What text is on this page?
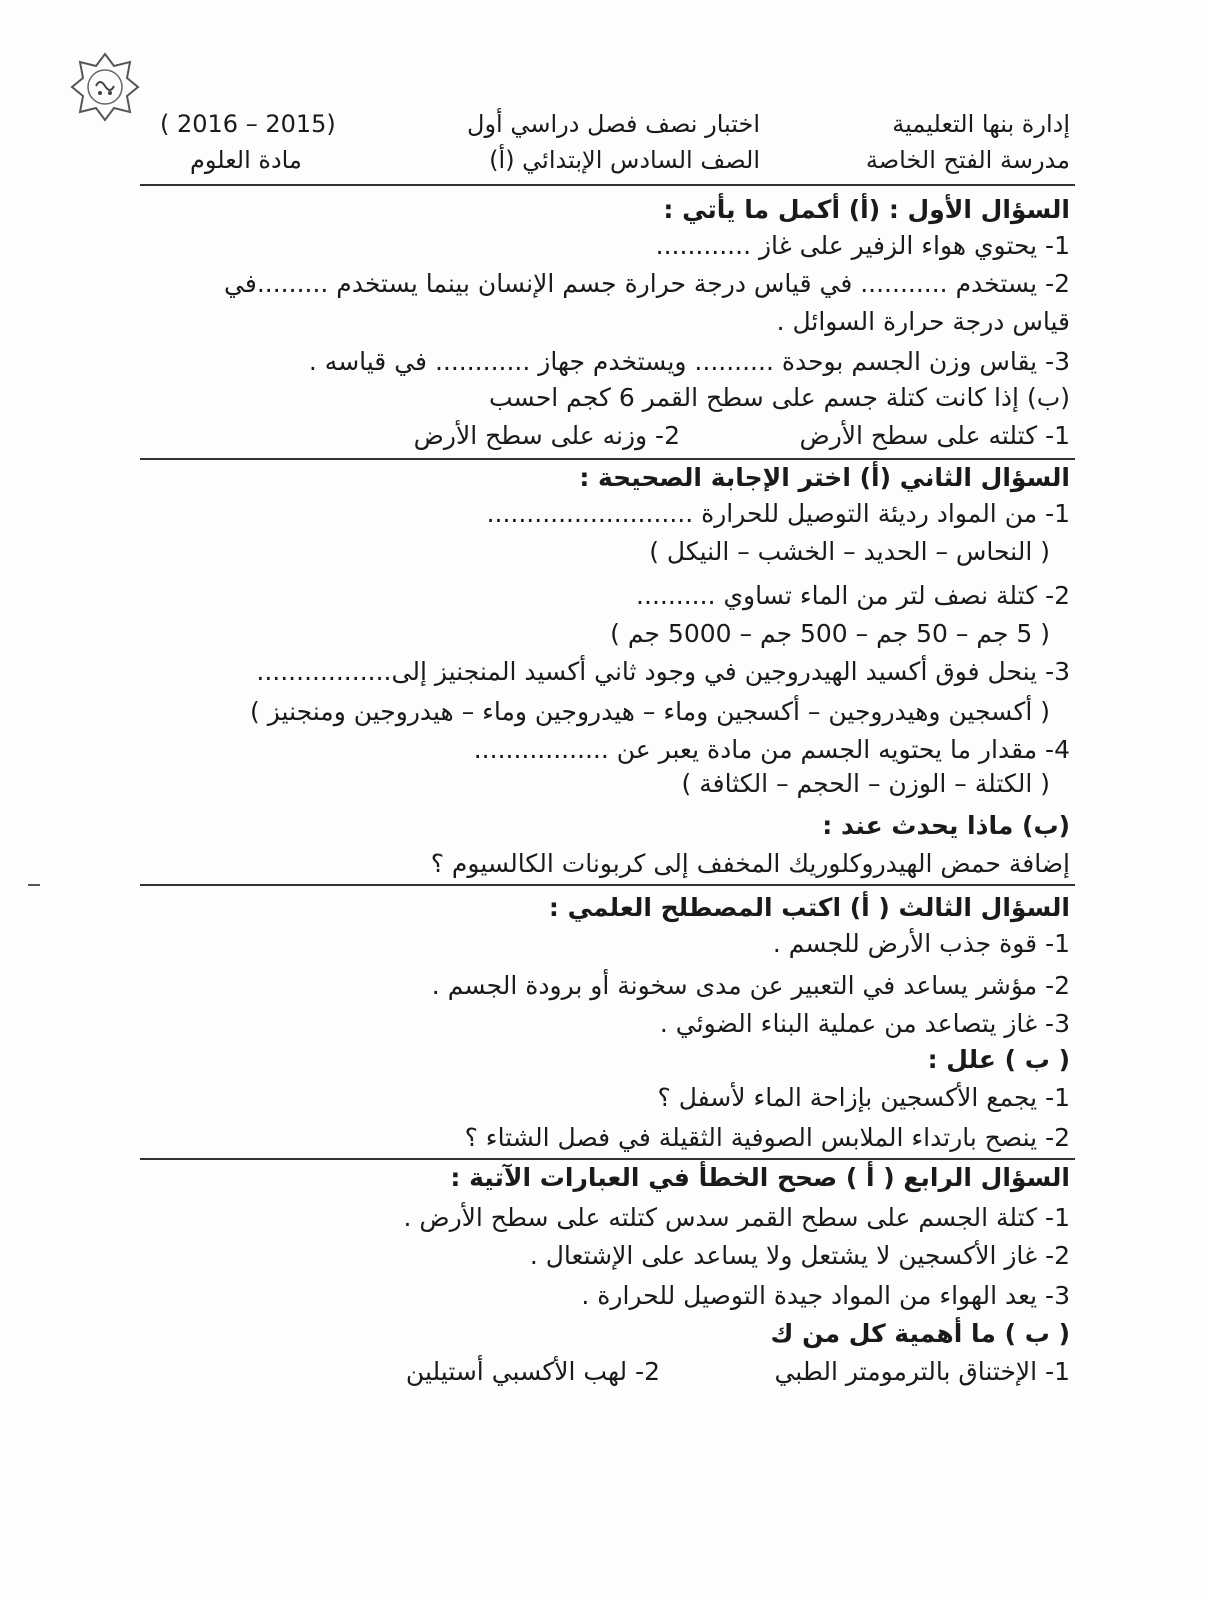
إدارة بنها التعليمية
اختبار نصف فصل دراسي أول
(2015 – 2016 )
مدرسة الفتح الخاصة
الصف السادس الإبتدائي (أ)
مادة العلوم
السؤال الأول : (أ) أكمل ما يأتي :
1- يحتوي هواء الزفير على غاز ............
2- يستخدم ........... في قياس درجة حرارة جسم الإنسان بينما يستخدم .........في
قياس درجة حرارة السوائل .
3- يقاس وزن الجسم بوحدة .......... ويستخدم جهاز ............ في قياسه .
(ب) إذا كانت كتلة جسم على سطح القمر 6 كجم احسب
1- كتلته على سطح الأرض
2- وزنه على سطح الأرض
السؤال الثاني (أ) اختر الإجابة الصحيحة :
1- من المواد رديئة التوصيل للحرارة ..........................
( النحاس – الحديد – الخشب – النيكل )
2- كتلة نصف لتر من الماء تساوي ..........
( 5 جم – 50 جم – 500 جم – 5000 جم )
3- ينحل فوق أكسيد الهيدروجين في وجود ثاني أكسيد المنجنيز إلى.................
( أكسجين وهيدروجين – أكسجين وماء – هيدروجين وماء – هيدروجين ومنجنيز )
4- مقدار ما يحتويه الجسم من مادة يعبر عن .................
( الكتلة – الوزن – الحجم – الكثافة )
(ب) ماذا يحدث عند :
إضافة حمض الهيدروكلوريك المخفف إلى كربونات الكالسيوم ؟
السؤال الثالث ( أ) اكتب المصطلح العلمي :
1- قوة جذب الأرض للجسم .
2- مؤشر يساعد في التعبير عن مدى سخونة أو برودة الجسم .
3- غاز يتصاعد من عملية البناء الضوئي .
( ب ) علل :
1- يجمع الأكسجين بإزاحة الماء لأسفل ؟
2- ينصح بارتداء الملابس الصوفية الثقيلة في فصل الشتاء ؟
السؤال الرابع ( أ ) صحح الخطأ في العبارات الآتية :
1- كتلة الجسم على سطح القمر سدس كتلته على سطح الأرض .
2- غاز الأكسجين لا يشتعل ولا يساعد على الإشتعال .
3- يعد الهواء من المواد جيدة التوصيل للحرارة .
( ب ) ما أهمية كل من ك
1- الإختناق بالترمومتر الطبي
2- لهب الأكسبي أستيلين
